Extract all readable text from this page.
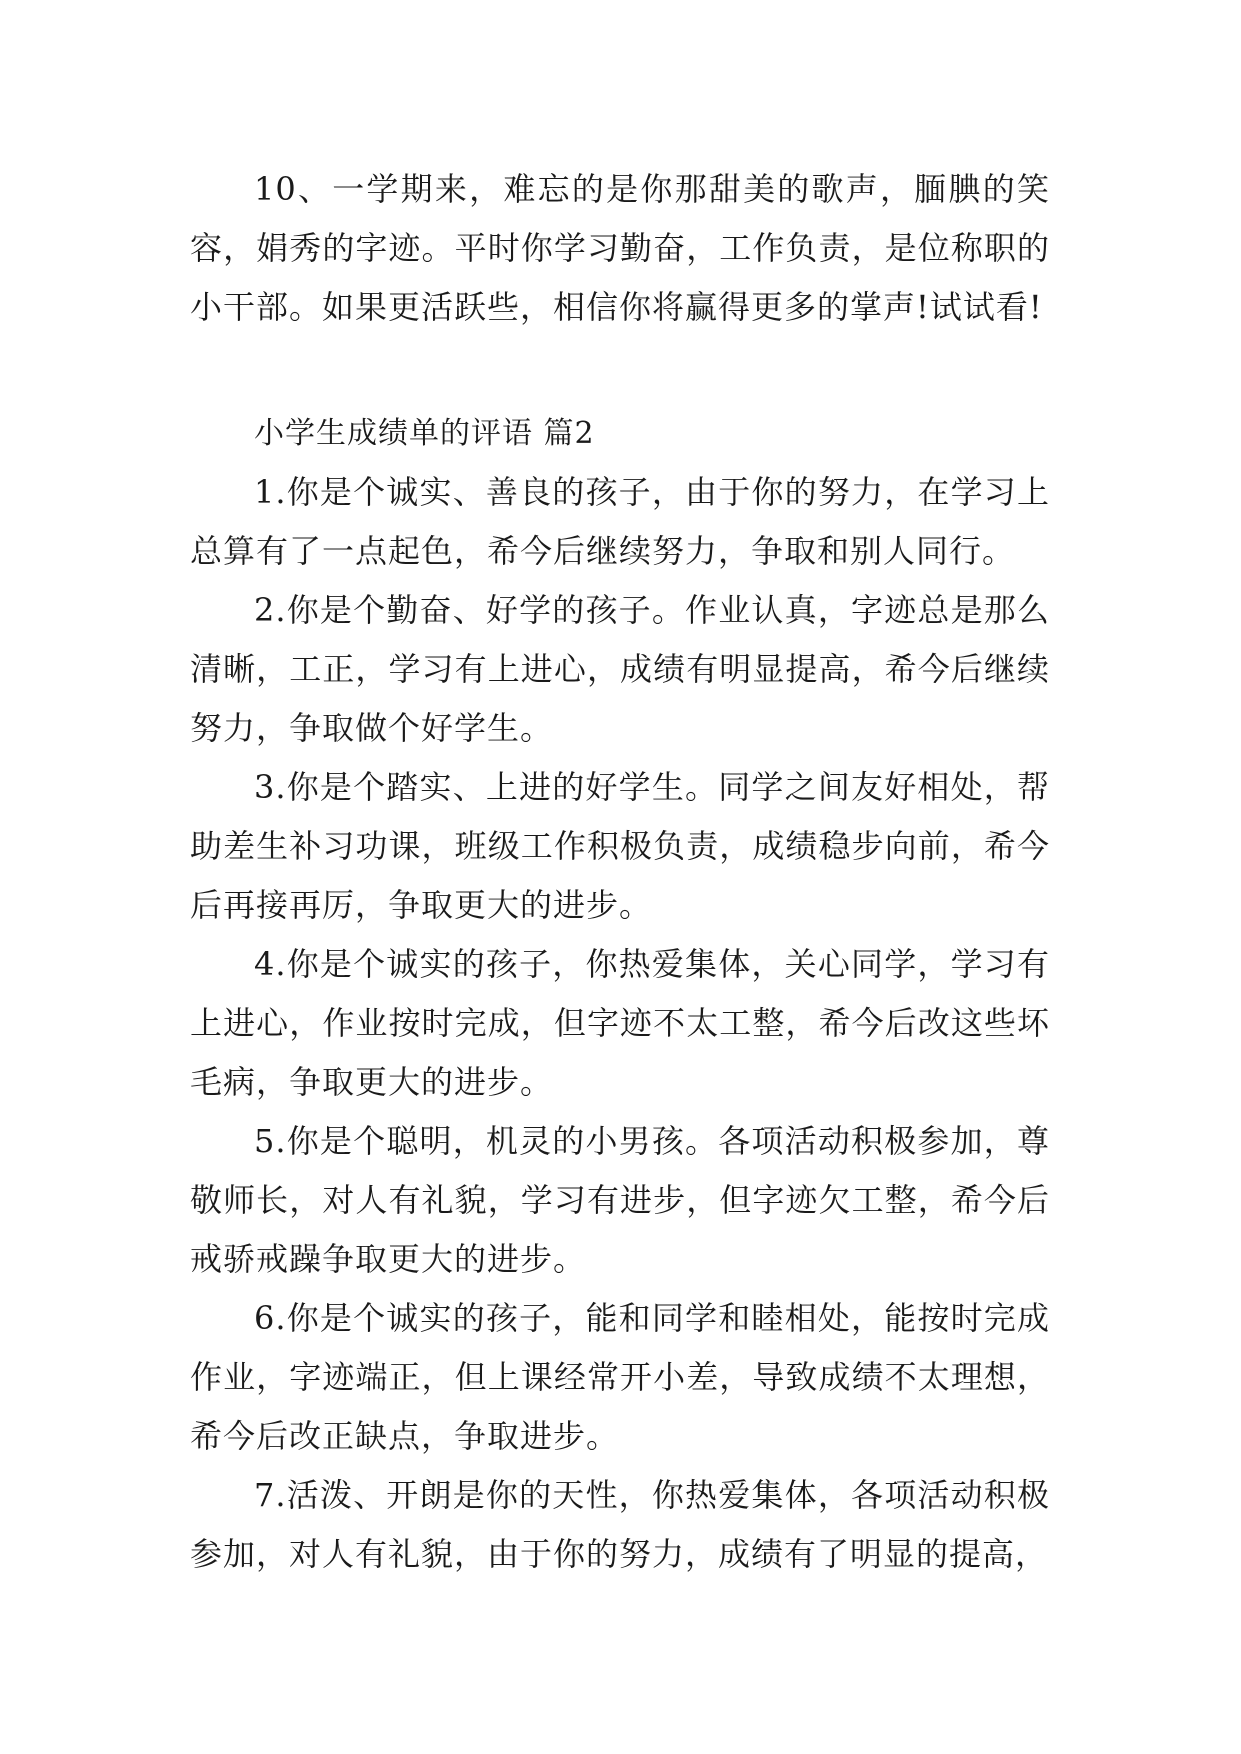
10、一学期来，难忘的是你那甜美的歌声，腼腆的笑容，娟秀的字迹。平时你学习勤奋，工作负责，是位称职的小干部。如果更活跃些，相信你将赢得更多的掌声!试试看!

小学生成绩单的评语 篇2

1.你是个诚实、善良的孩子，由于你的努力，在学习上总算有了一点起色，希今后继续努力，争取和别人同行。

2.你是个勤奋、好学的孩子。作业认真，字迹总是那么清晰，工正，学习有上进心，成绩有明显提高，希今后继续努力，争取做个好学生。

3.你是个踏实、上进的好学生。同学之间友好相处，帮助差生补习功课，班级工作积极负责，成绩稳步向前，希今后再接再厉，争取更大的进步。

4.你是个诚实的孩子，你热爱集体，关心同学，学习有上进心，作业按时完成，但字迹不太工整，希今后改这些坏毛病，争取更大的进步。

5.你是个聪明，机灵的小男孩。各项活动积极参加，尊敬师长，对人有礼貌，学习有进步，但字迹欠工整，希今后戒骄戒躁争取更大的进步。

6.你是个诚实的孩子，能和同学和睦相处，能按时完成作业，字迹端正，但上课经常开小差，导致成绩不太理想，希今后改正缺点，争取进步。

7.活泼、开朗是你的天性，你热爱集体，各项活动积极参加，对人有礼貌，由于你的努力，成绩有了明显的提高，
